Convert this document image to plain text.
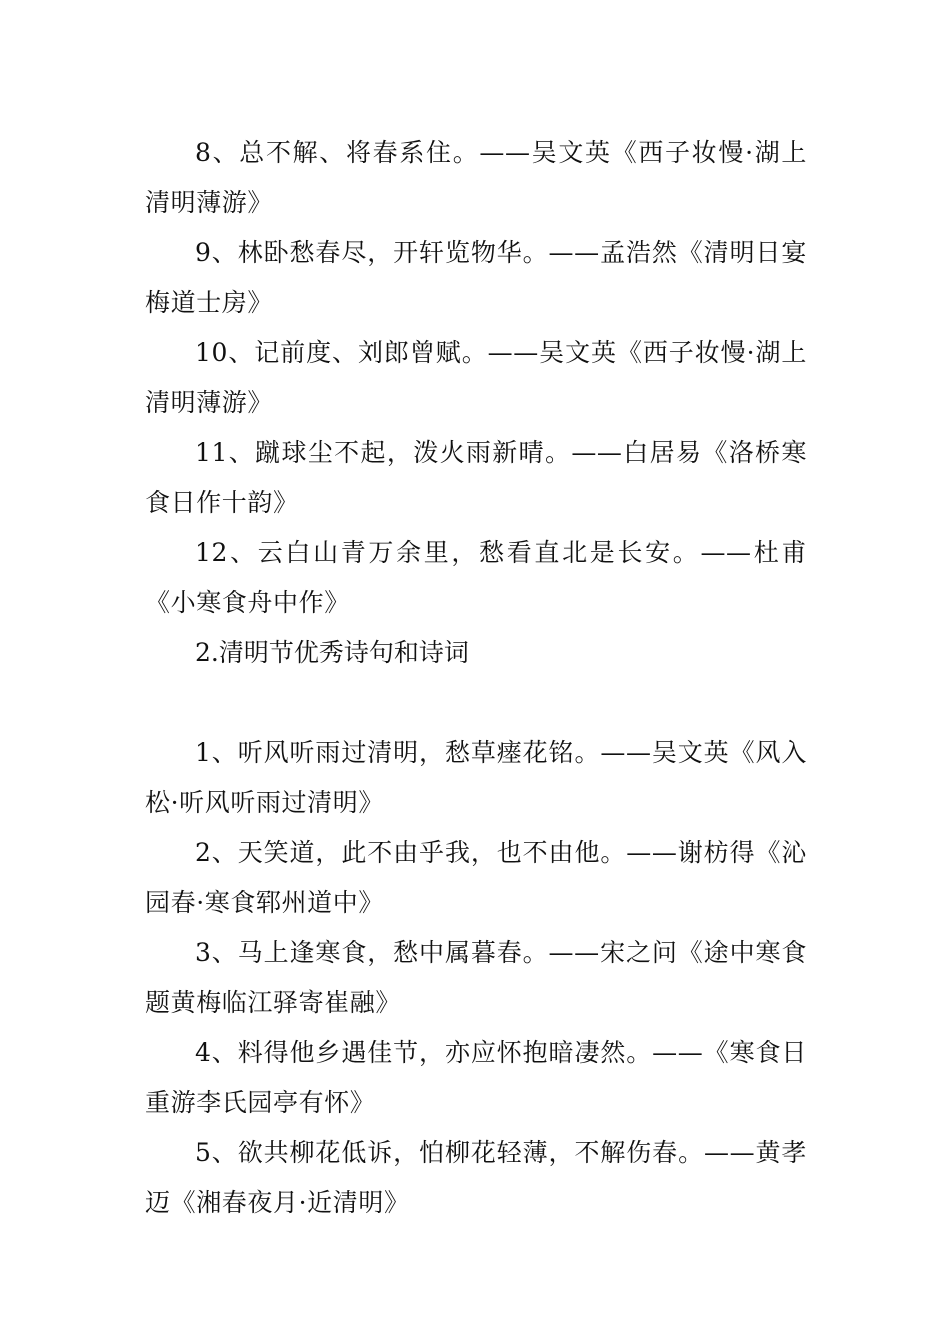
8、总不解、将春系住。——吴文英《西子妆慢·湖上清明薄游》

9、林卧愁春尽，开轩览物华。——孟浩然《清明日宴梅道士房》

10、记前度、刘郎曾赋。——吴文英《西子妆慢·湖上清明薄游》

11、蹴球尘不起，泼火雨新晴。——白居易《洛桥寒食日作十韵》

12、云白山青万余里，愁看直北是长安。——杜甫《小寒食舟中作》

2.清明节优秀诗句和诗词

1、听风听雨过清明，愁草瘗花铭。——吴文英《风入松·听风听雨过清明》

2、天笑道，此不由乎我，也不由他。——谢枋得《沁园春·寒食郓州道中》

3、马上逢寒食，愁中属暮春。——宋之问《途中寒食题黄梅临江驿寄崔融》

4、料得他乡遇佳节，亦应怀抱暗凄然。——《寒食日重游李氏园亭有怀》

5、欲共柳花低诉，怕柳花轻薄，不解伤春。——黄孝迈《湘春夜月·近清明》
